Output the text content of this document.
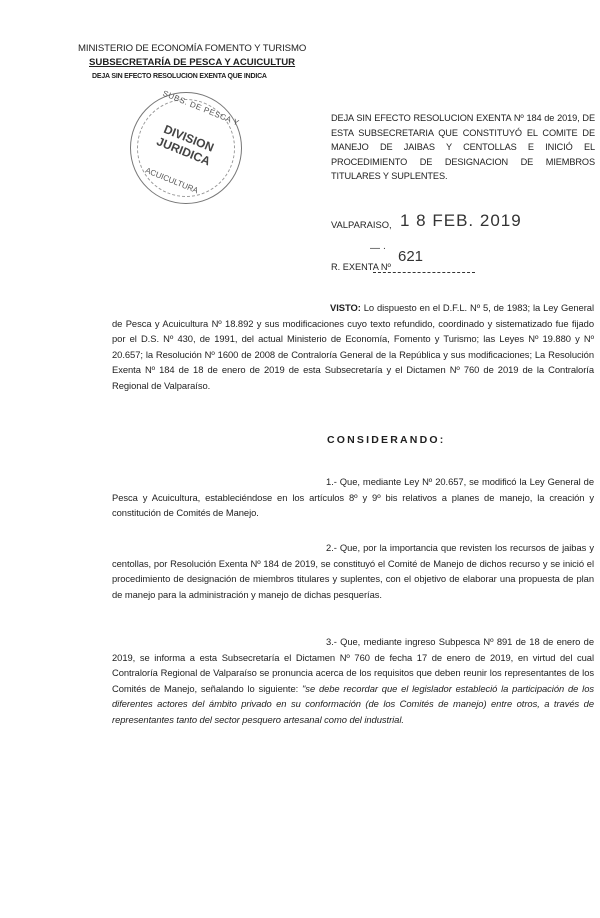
MINISTERIO DE ECONOMÍA FOMENTO Y TURISMO
SUBSECRETARÍA DE PESCA Y ACUICULTUR
DEJA SIN EFECTO RESOLUCION EXENTA QUE INDICA
SUBS. DE PESCA Y
DIVISION JURIDICA
ACUICULTURA
DEJA SIN EFECTO RESOLUCION EXENTA Nº 184 de 2019, DE ESTA SUBSECRETARIA QUE CONSTITUYÓ EL COMITE DE MANEJO DE JAIBAS Y CENTOLLAS E INICIÓ EL PROCEDIMIENTO DE DESIGNACION DE MIEMBROS TITULARES Y SUPLENTES.
VALPARAISO, 1 8 FEB. 2019
— · 621
R. EXENTA Nº
VISTO: Lo dispuesto en el D.F.L. Nº 5, de 1983; la Ley General de Pesca y Acuicultura Nº 18.892 y sus modificaciones cuyo texto refundido, coordinado y sistematizado fue fijado por el D.S. Nº 430, de 1991, del actual Ministerio de Economía, Fomento y Turismo; las Leyes Nº 19.880 y Nº 20.657; la Resolución Nº 1600 de 2008 de Contraloría General de la República y sus modificaciones; La Resolución Exenta Nº 184 de 18 de enero de 2019 de esta Subsecretaría y el Dictamen Nº 760 de 2019 de la Contraloría Regional de Valparaíso.
CONSIDERANDO:
1.- Que, mediante Ley Nº 20.657, se modificó la Ley General de Pesca y Acuicultura, estableciéndose en los artículos 8º y 9º bis relativos a planes de manejo, la creación y constitución de Comités de Manejo.
2.- Que, por la importancia que revisten los recursos de jaibas y centollas, por Resolución Exenta Nº 184 de 2019, se constituyó el Comité de Manejo de dichos recurso y se inició el procedimiento de designación de miembros titulares y suplentes, con el objetivo de elaborar una propuesta de plan de manejo para la administración y manejo de dichas pesquerías.
3.- Que, mediante ingreso Subpesca Nº 891 de 18 de enero de 2019, se informa a esta Subsecretaría el Dictamen Nº 760 de fecha 17 de enero de 2019, en virtud del cual Contraloría Regional de Valparaíso se pronuncia acerca de los requisitos que deben reunir los representantes de los Comités de Manejo, señalando lo siguiente: "se debe recordar que el legislador estableció la participación de los diferentes actores del ámbito privado en su conformación (de los Comités de manejo) entre otros, a través de representantes tanto del sector pesquero artesanal como del industrial.
